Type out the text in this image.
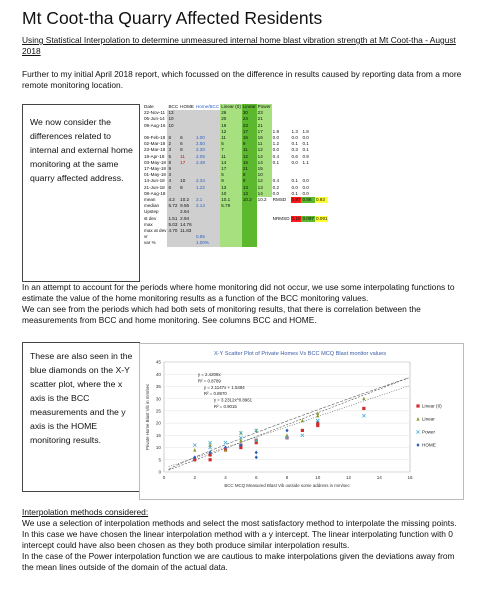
Mt Coot-tha Quarry Affected Residents
Using Statistical Interpolation to determine unmeasured internal home blast vibration strength at Mt Coot-tha - August 2018
Further to my initial April 2018 report, which focussed on the difference in results caused by reporting data from a more remote monitoring location.
We now consider the differences related to internal and external home monitoring at the same quarry affected address.
Date	BCC	HOME	Home/BCC	Linear (0)	Linear	Power				
22-Nov-11	13			26	30	23				
05-Jun-14	10			20	24	21				
09-Aug-16	10			19	23	21				
				12	17	17	1.9	1.3	1.8	
06-Feb-18	6	6	1.00	11	16	16	0.0	0.0	0.0	
02-Mar-18	2	6	2.50	5	9	11	1.2	0.1	0.1	
23-Mar-18	3	8	2.30	7	11	12	0.0	0.3	0.1	
19-Apr-18	5	11	2.05	11	12	14	0.4	0.6	0.9	
03-May-18	8	17	2.48	14	15	14	0.1	0.0	1.1	
17-May-18	9			17	21	15				
01-May-18	3			5	8	10				
14-Jun-18	4	10	2.34	9	9	12	0.4	0.1	0.0	
21-Jun-18	6	8	1.22	13	13	13	0.2	0.0	0.0	
08-Aug-18				10	13	14	0.0	0.1	0.0	
mean	4.2	10.2	2.1	10.1	10.2	10.2	RMSD	0.87	0.86	0.93
median	5.72	9.56	2.14	5.79						
Upstep		2.64								
st dev	1.51	2.94					NRMSD	0.10	0.097	0.091
max	5.03	14.76								
max at dev	4.70	11.83								
vr			0.85							
var %			1.00%							
In an attempt to account for the periods where home monitoring did not occur, we use some interpolating functions to estimate the value of the home monitoring results as a function of the BCC monitoring values.
We can see from the periods which had both sets of monitoring results, that there is correlation between the measurements from BCC and home monitoring. See columns BCC and HOME.
These are also seen in the blue diamonds on the X-Y scatter plot, where the x axis is the BCC measurements and the y axis is the HOME monitoring results.
X-Y Scatter Plot of Private Homes Vs BCC MCQ Blast monitor values
0
5
10
15
20
25
30
35
40
45
0	2	4	6	8	10	12	14	16
BCC MCQ Measured Blast Vib outside some address in mm/sec
Private Home Blast Vib in mm/sec
y = 2.4208x
R² = 0.8789
y = 2.1147x + 1.5494
R² = 0.8970
y = 3.2312x^0.8961
R² = 0.9015	Linear (0)
Linear
Power
HOME
Interpolation methods considered:
We use a selection of interpolation methods and select the most satisfactory method to interpolate the missing points.
In this case we have chosen the linear interpolation method with a y intercept. The linear interpolating function with 0 intercept could have also been chosen as they both produce similar interpolation results.
In the case of the Power interpolation function we are cautious to make interpolations given the deviations away from the mean lines outside of the domain of the actual data.
